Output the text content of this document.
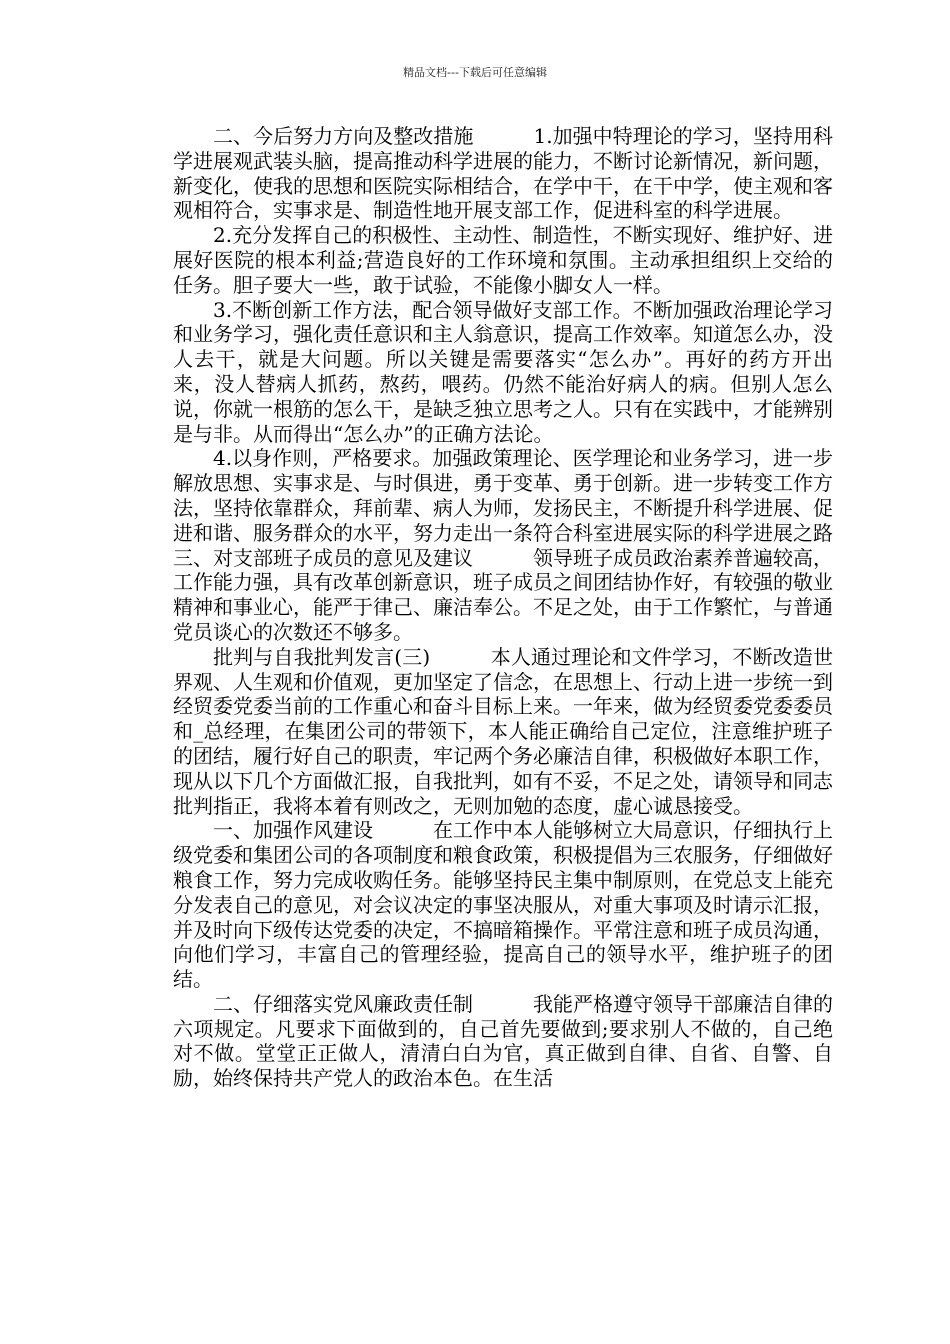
精品文档---下载后可任意编辑

二、今后努力方向及整改措施　　　1.加强中特理论的学习，坚持用科学进展观武装头脑，提高推动科学进展的能力，不断讨论新情况，新问题，新变化，使我的思想和医院实际相结合，在学中干，在干中学，使主观和客观相符合，实事求是、制造性地开展支部工作，促进科室的科学进展。

2.充分发挥自己的积极性、主动性、制造性，不断实现好、维护好、进展好医院的根本利益;营造良好的工作环境和氛围。主动承担组织上交给的任务。胆子要大一些，敢于试验，不能像小脚女人一样。

3.不断创新工作方法，配合领导做好支部工作。不断加强政治理论学习和业务学习，强化责任意识和主人翁意识，提高工作效率。知道怎么办，没人去干，就是大问题。所以关键是需要落实“怎么办”。再好的药方开出来，没人替病人抓药，熬药，喂药。仍然不能治好病人的病。但别人怎么说，你就一根筋的怎么干，是缺乏独立思考之人。只有在实践中，才能辨别是与非。从而得出“怎么办”的正确方法论。

4.以身作则，严格要求。加强政策理论、医学理论和业务学习，进一步解放思想、实事求是、与时俱进，勇于变革、勇于创新。进一步转变工作方法，坚持依靠群众，拜前辈、病人为师，发扬民主，不断提升科学进展、促进和谐、服务群众的水平，努力走出一条符合科室进展实际的科学进展之路　　　三、对支部班子成员的意见及建议　　　领导班子成员政治素养普遍较高，工作能力强，具有改革创新意识，班子成员之间团结协作好，有较强的敬业精神和事业心，能严于律己、廉洁奉公。不足之处，由于工作繁忙，与普通党员谈心的次数还不够多。

批判与自我批判发言(三)　　　本人通过理论和文件学习，不断改造世界观、人生观和价值观，更加坚定了信念，在思想上、行动上进一步统一到经贸委党委当前的工作重心和奋斗目标上来。一年来，做为经贸委党委委员和_总经理，在集团公司的带领下，本人能正确给自己定位，注意维护班子的团结，履行好自己的职责，牢记两个务必廉洁自律，积极做好本职工作，现从以下几个方面做汇报，自我批判，如有不妥，不足之处，请领导和同志批判指正，我将本着有则改之，无则加勉的态度，虚心诚恳接受。

一、加强作风建设　　　在工作中本人能够树立大局意识，仔细执行上级党委和集团公司的各项制度和粮食政策，积极提倡为三农服务，仔细做好粮食工作，努力完成收购任务。能够坚持民主集中制原则，在党总支上能充分发表自己的意见，对会议决定的事坚决服从，对重大事项及时请示汇报，并及时向下级传达党委的决定，不搞暗箱操作。平常注意和班子成员沟通，向他们学习，丰富自己的管理经验，提高自己的领导水平，维护班子的团结。

二、仔细落实党风廉政责任制　　　我能严格遵守领导干部廉洁自律的六项规定。凡要求下面做到的，自己首先要做到;要求别人不做的，自己绝对不做。堂堂正正做人，清清白白为官，真正做到自律、自省、自警、自励，始终保持共产党人的政治本色。在生活
